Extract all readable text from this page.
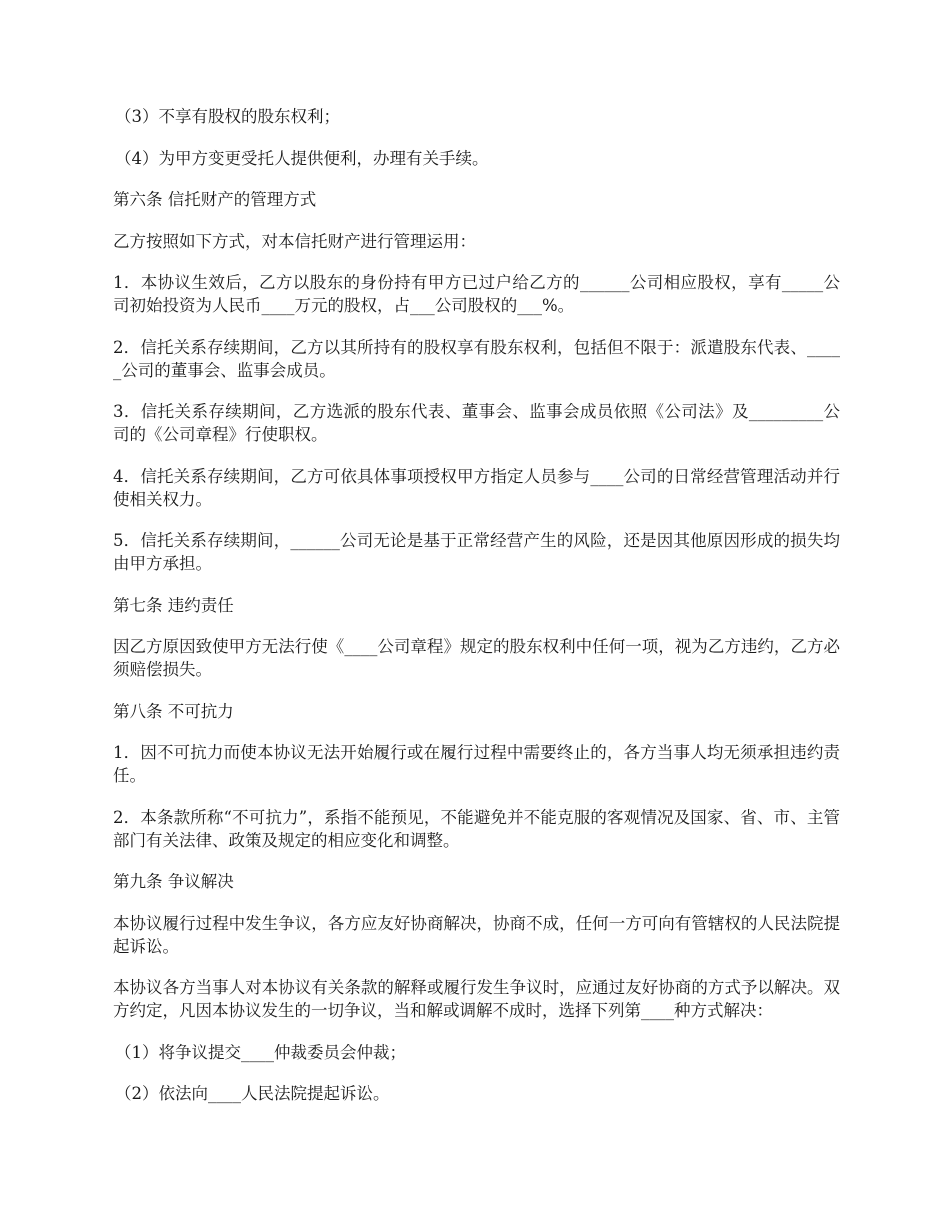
（3）不享有股权的股东权利；

（4）为甲方变更受托人提供便利，办理有关手续。

第六条 信托财产的管理方式

乙方按照如下方式，对本信托财产进行管理运用：

1．本协议生效后，乙方以股东的身份持有甲方已过户给乙方的______公司相应股权，享有_____公司初始投资为人民币____万元的股权，占___公司股权的___%。

2．信托关系存续期间，乙方以其所持有的股权享有股东权利，包括但不限于：派遣股东代表、_____公司的董事会、监事会成员。

3．信托关系存续期间，乙方选派的股东代表、董事会、监事会成员依照《公司法》及_________公司的《公司章程》行使职权。

4．信托关系存续期间，乙方可依具体事项授权甲方指定人员参与____公司的日常经营管理活动并行使相关权力。

5．信托关系存续期间，______公司无论是基于正常经营产生的风险，还是因其他原因形成的损失均由甲方承担。

第七条 违约责任

因乙方原因致使甲方无法行使《____公司章程》规定的股东权利中任何一项，视为乙方违约，乙方必须赔偿损失。

第八条 不可抗力

1．因不可抗力而使本协议无法开始履行或在履行过程中需要终止的，各方当事人均无须承担违约责任。

2．本条款所称“不可抗力”，系指不能预见，不能避免并不能克服的客观情况及国家、省、市、主管部门有关法律、政策及规定的相应变化和调整。

第九条 争议解决

本协议履行过程中发生争议，各方应友好协商解决，协商不成，任何一方可向有管辖权的人民法院提起诉讼。

本协议各方当事人对本协议有关条款的解释或履行发生争议时，应通过友好协商的方式予以解决。双方约定，凡因本协议发生的一切争议，当和解或调解不成时，选择下列第____种方式解决：

（1）将争议提交____仲裁委员会仲裁；

（2）依法向____人民法院提起诉讼。
